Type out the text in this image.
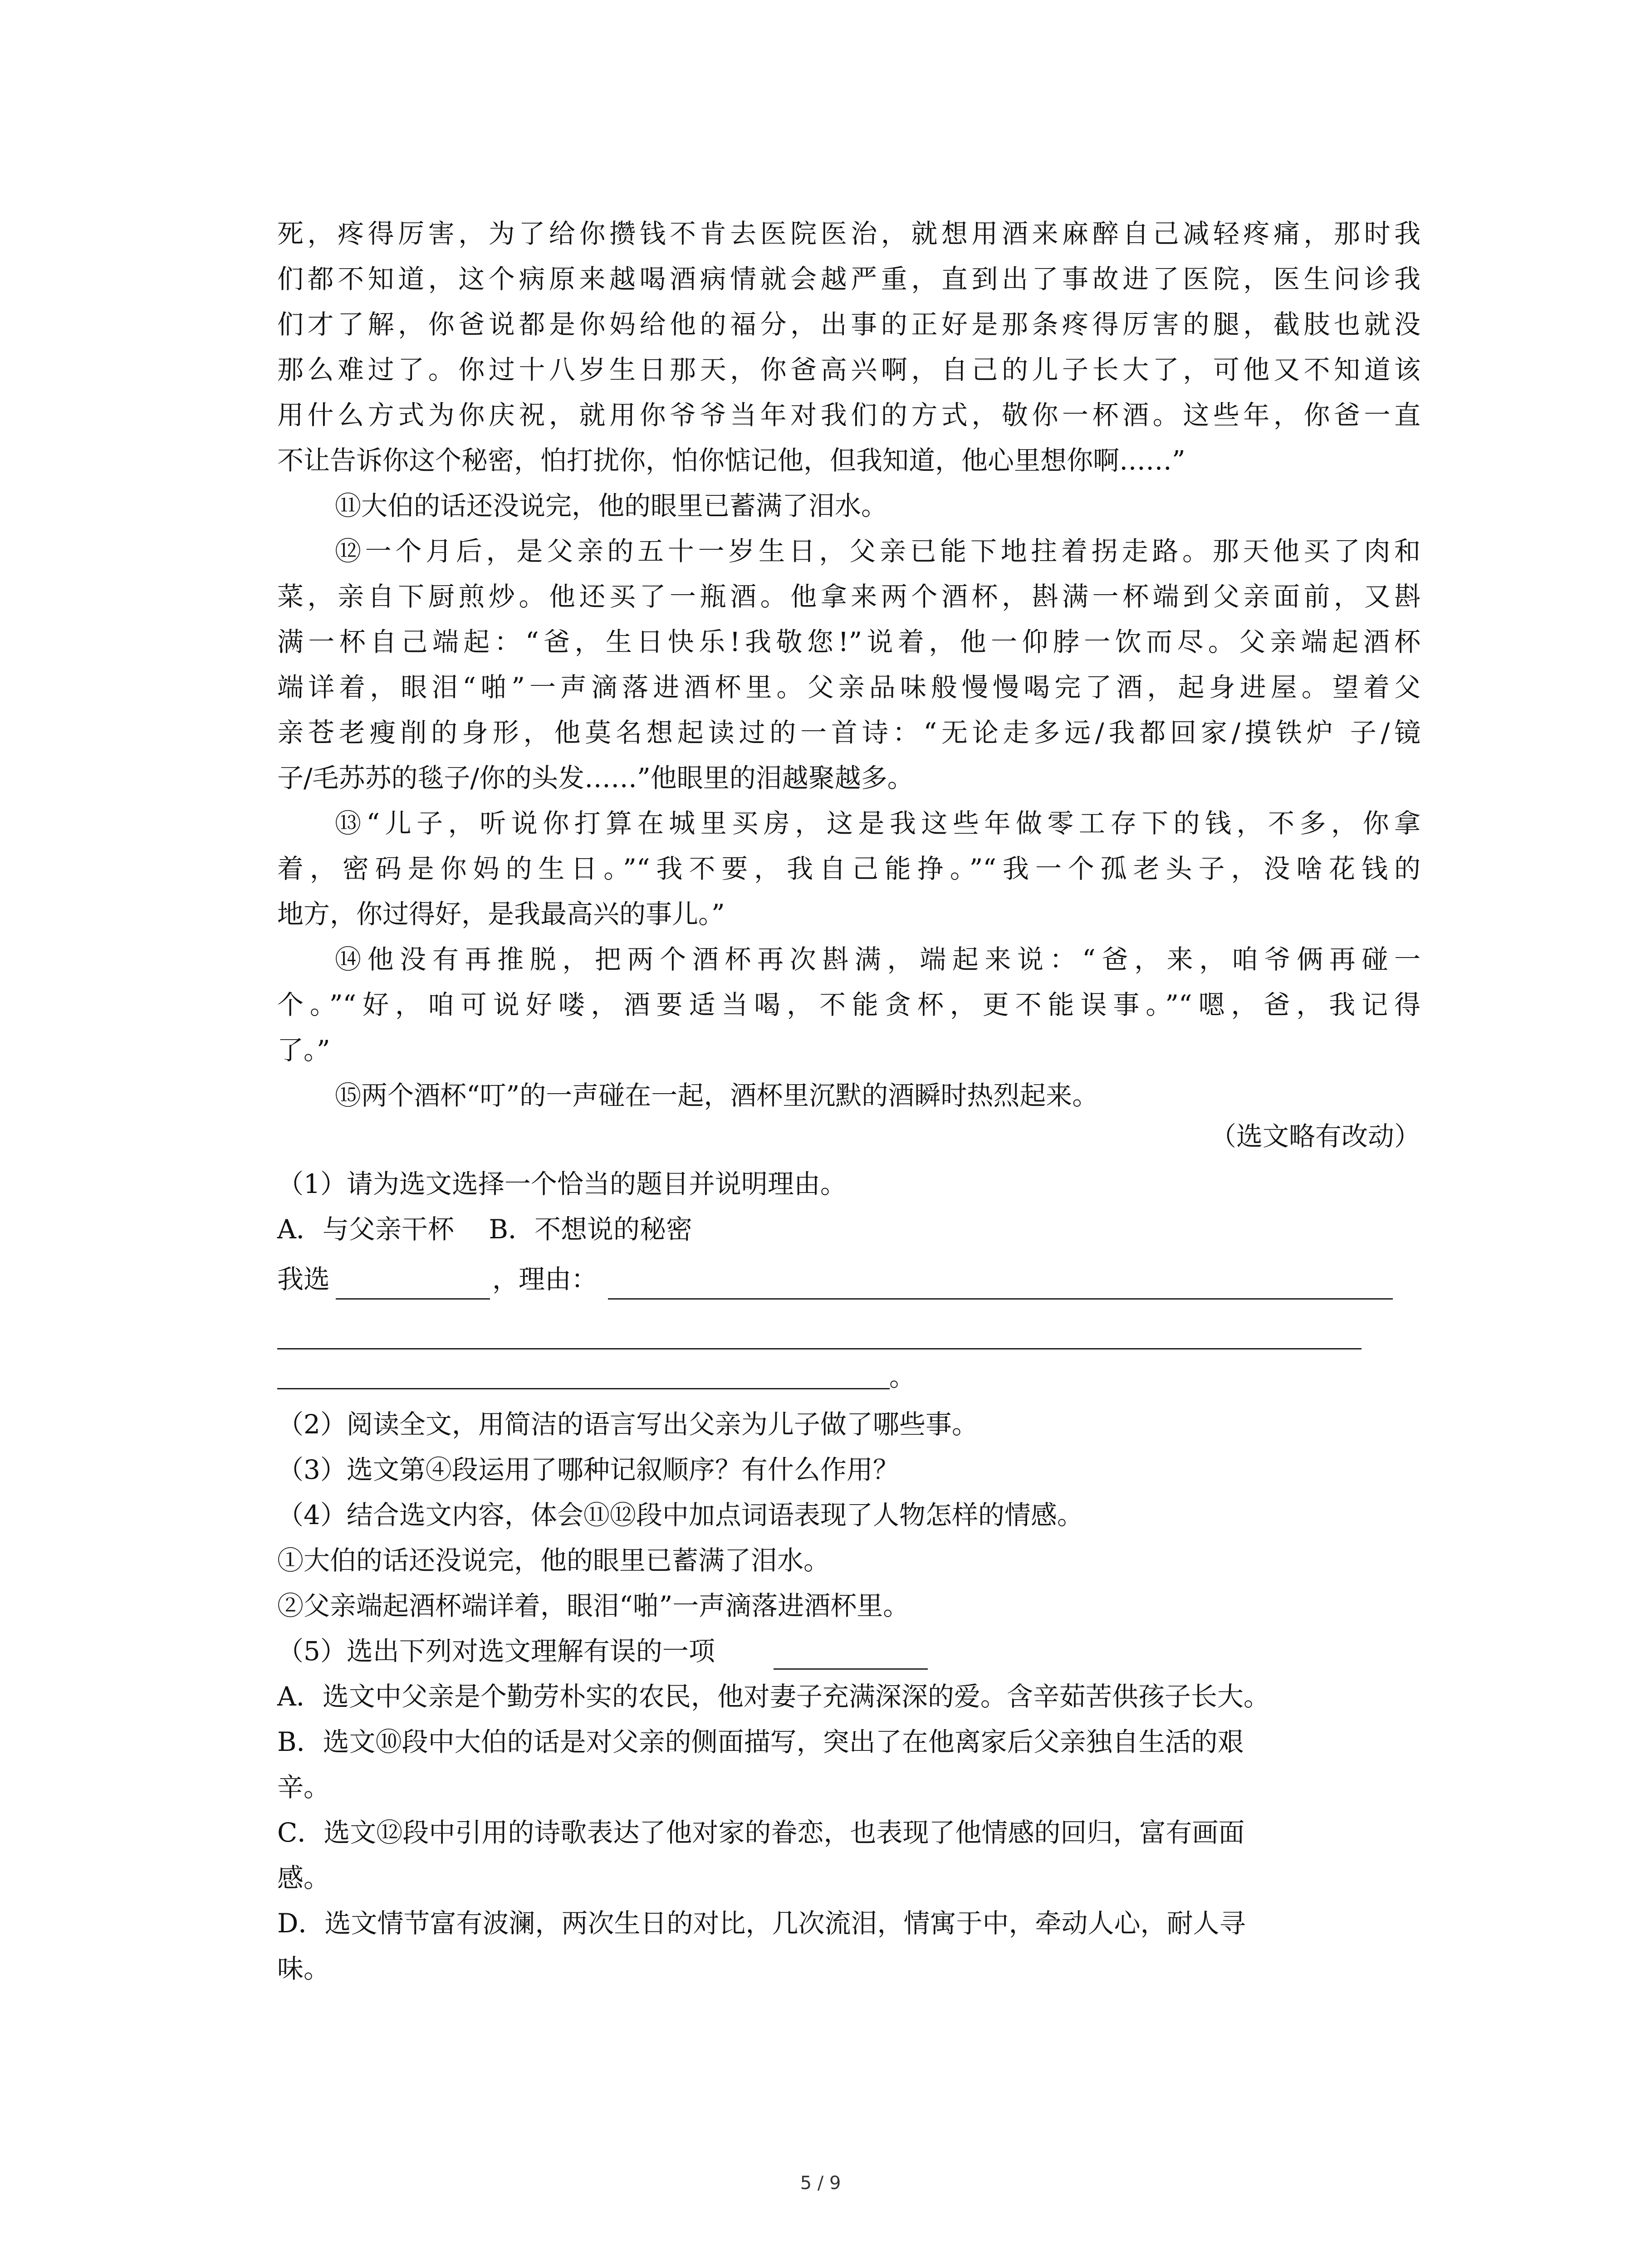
死，疼得厉害，为了给你攒钱不肯去医院医治，就想用酒来麻醉自己减轻疼痛，那时我
们都不知道，这个病原来越喝酒病情就会越严重，直到出了事故进了医院，医生问诊我
们才了解，你爸说都是你妈给他的福分，出事的正好是那条疼得厉害的腿，截肢也就没
那么难过了。你过十八岁生日那天，你爸高兴啊，自己的儿子长大了，可他又不知道该
用什么方式为你庆祝，就用你爷爷当年对我们的方式，敬你一杯酒。这些年，你爸一直
不让告诉你这个秘密，怕打扰你，怕你惦记他，但我知道，他心里想你啊……”
⑪大伯的话还没说完，他的眼里已蓄满了泪水。
⑫一个月后，是父亲的五十一岁生日，父亲已能下地拄着拐走路。那天他买了肉和
菜，亲自下厨煎炒。他还买了一瓶酒。他拿来两个酒杯，斟满一杯端到父亲面前，又斟
满一杯自己端起：“爸，生日快乐!我敬您!”说着，他一仰脖一饮而尽。父亲端起酒杯
端详着，眼泪“啪”一声滴落进酒杯里。父亲品味般慢慢喝完了酒，起身进屋。望着父
亲苍老瘦削的身形，他莫名想起读过的一首诗：“无论走多远/我都回家/摸铁炉 子/镜
子/毛苏苏的毯子/你的头发……”他眼里的泪越聚越多。
⑬“儿子，听说你打算在城里买房，这是我这些年做零工存下的钱，不多，你拿
着，密码是你妈的生日。”“我不要，我自己能挣。”“我一个孤老头子，没啥花钱的
地方，你过得好，是我最高兴的事儿。”
⑭他没有再推脱，把两个酒杯再次斟满，端起来说：“爸，来，咱爷俩再碰一
个。”“好，咱可说好喽，酒要适当喝，不能贪杯，更不能误事。”“嗯，爸，我记得
了。”
⑮两个酒杯“叮”的一声碰在一起，酒杯里沉默的酒瞬时热烈起来。
（选文略有改动）
（1）请为选文选择一个恰当的题目并说明理由。
A．与父亲干杯　 B．不想说的秘密
我选	，理由：
。
（2）阅读全文，用简洁的语言写出父亲为儿子做了哪些事。
（3）选文第④段运用了哪种记叙顺序？有什么作用？
（4）结合选文内容，体会⑪⑫段中加点词语表现了人物怎样的情感。
①大伯的话还没说完，他的眼里已蓄满了泪水。
②父亲端起酒杯端详着，眼泪“啪”一声滴落进酒杯里。
（5）选出下列对选文理解有误的一项
A．选文中父亲是个勤劳朴实的农民，他对妻子充满深深的爱。含辛茹苦供孩子长大。
B．选文⑩段中大伯的话是对父亲的侧面描写，突出了在他离家后父亲独自生活的艰
辛。
C．选文⑫段中引用的诗歌表达了他对家的眷恋，也表现了他情感的回归，富有画面
感。
D．选文情节富有波澜，两次生日的对比，几次流泪，情寓于中，牵动人心，耐人寻
味。
5 / 9
